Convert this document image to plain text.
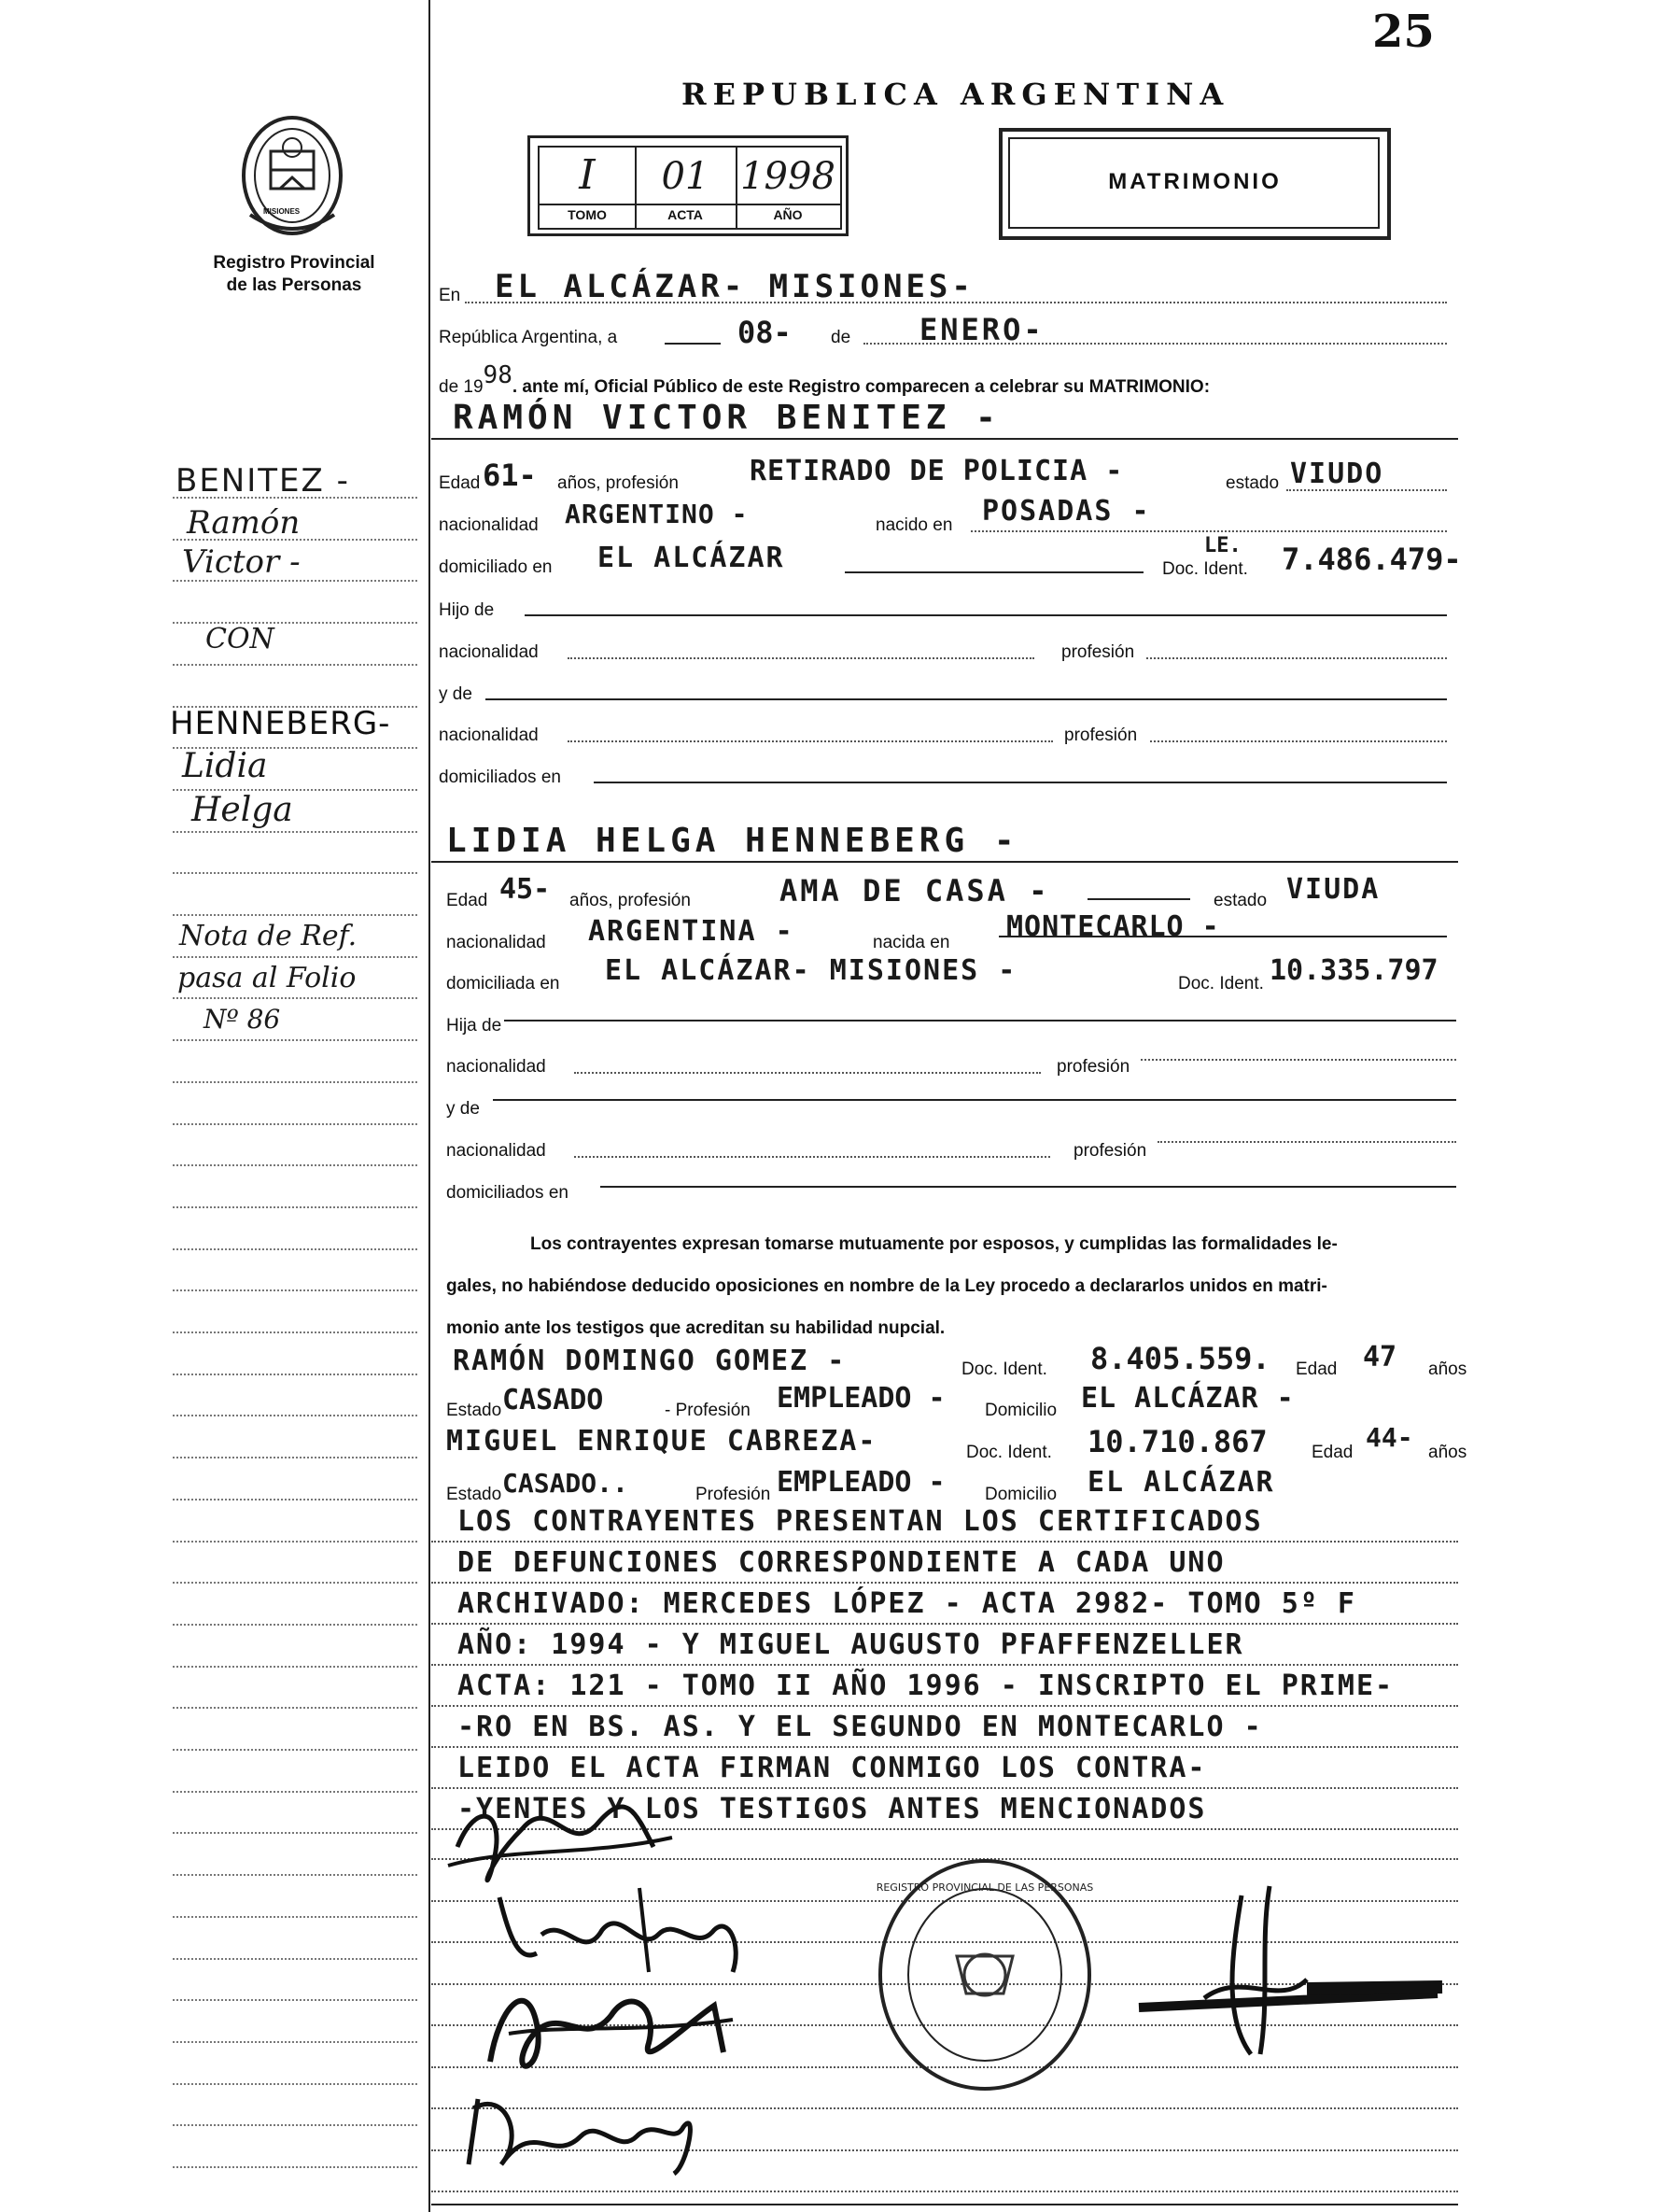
25
MISIONES
Registro Provincial
de las Personas
REPUBLICA ARGENTINA
I	01 1998
TOMO	ACTA	AÑO
MATRIMONIO
BENITEZ -
Ramón
Victor -
CON
HENNEBERG-
Lidia
Helga
Nota de Ref.
pasa al Folio
Nº 86
En EL ALCÁZAR- MISIONES-
República Argentina, a	08- de ENERO-
de 1998. ante mí, Oficial Público de este Registro comparecen a celebrar su MATRIMONIO:
RAMÓN VICTOR BENITEZ -
Edad 61- años, profesión	RETIRADO DE POLICIA -	estado VIUDO
nacionalidad ARGENTINO -	nacido en POSADAS -
domiciliado en EL ALCÁZAR	Doc. Ident.
LE. 7.486.479-
Hijo de
nacionalidad	profesión
y de
nacionalidad	profesión
domiciliados en
LIDIA HELGA HENNEBERG -
Edad 45- años, profesión	AMA DE CASA -	estado VIUDA
nacionalidad ARGENTINA -	nacida en MONTECARLO -
domiciliada en EL ALCÁZAR- MISIONES -	Doc. Ident. 10.335.797
Hija de
nacionalidad	profesión
y de
nacionalidad	profesión
domiciliados en
Los contrayentes expresan tomarse mutuamente por esposos, y cumplidas las formalidades le-
gales, no habiéndose deducido oposiciones en nombre de la Ley procedo a declararlos unidos en matri-
monio ante los testigos que acreditan su habilidad nupcial.
RAMÓN DOMINGO GOMEZ -	Doc. Ident. 8.405.559. Edad 47 años
Estado CASADO	- Profesión EMPLEADO - Domicilio EL ALCÁZAR -
MIGUEL ENRIQUE CABREZA-	Doc. Ident. 10.710.867 Edad 44- años
Estado CASADO..	Profesión EMPLEADO - Domicilio EL ALCÁZAR
LOS CONTRAYENTES PRESENTAN LOS CERTIFICADOS
DE DEFUNCIONES CORRESPONDIENTE A CADA UNO
ARCHIVADO: MERCEDES LÓPEZ - ACTA 2982- TOMO 5º F
AÑO: 1994 - Y MIGUEL AUGUSTO PFAFFENZELLER
ACTA: 121 - TOMO II AÑO 1996 - INSCRIPTO EL PRIME-
-RO EN BS. AS. Y EL SEGUNDO EN MONTECARLO -
LEIDO EL ACTA FIRMAN CONMIGO LOS CONTRA-
-YENTES Y LOS TESTIGOS ANTES MENCIONADOS
REGISTRO PROVINCIAL DE LAS PERSONAS
